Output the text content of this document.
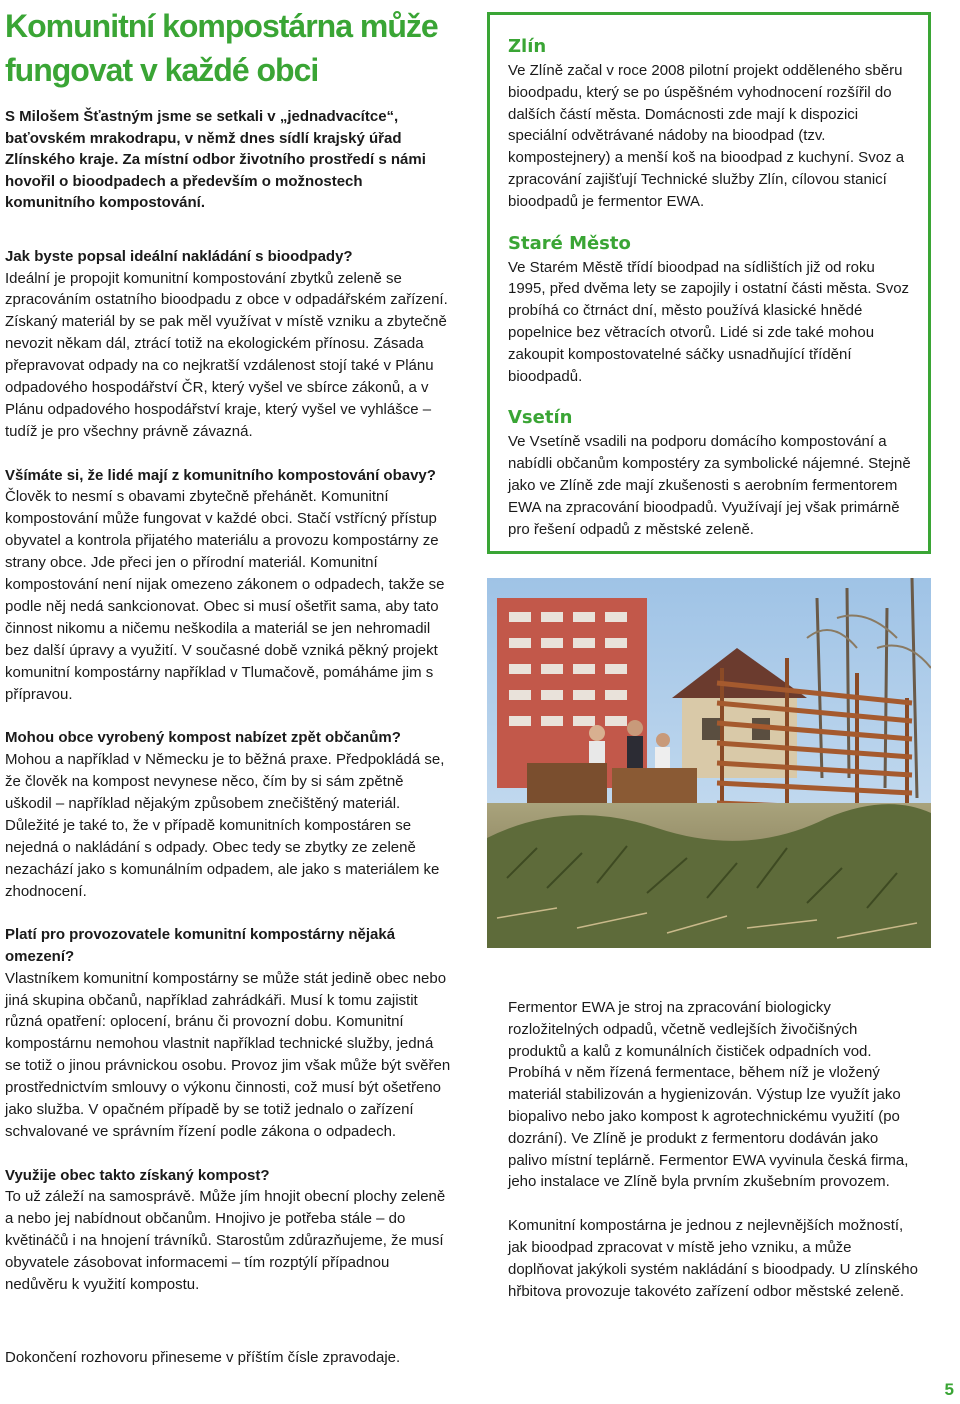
Komunitní kompostárna může fungovat v každé obci

S Milošem Šťastným jsme se setkali v „jednadvacítce“, baťovském mrakodrapu, v němž dnes sídlí krajský úřad Zlínského kraje. Za místní odbor životního prostředí s námi hovořil o bioodpadech a především o možnostech komunitního kompostování.

Jak byste popsal ideální nakládání s bioodpady?

Ideální je propojit komunitní kompostování zbytků zeleně se zpracováním ostatního bioodpadu z obce v odpadářském zařízení. Získaný materiál by se pak měl využívat v místě vzniku a zbytečně nevozit někam dál, ztrácí totiž na ekologickém přínosu. Zásada přepravovat odpady na co nejkratší vzdálenost stojí také v Plánu odpadového hospodářství ČR, který vyšel ve sbírce zákonů, a v Plánu odpadového hospodářství kraje, který vyšel ve vyhlášce – tudíž je pro všechny právně závazná.

Všímáte si, že lidé mají z komunitního kompostování obavy?

Člověk to nesmí s obavami zbytečně přehánět. Komunitní kompostování může fungovat v každé obci. Stačí vstřícný přístup obyvatel a kontrola přijatého materiálu a provozu kompostárny ze strany obce. Jde přeci jen o přírodní materiál. Komunitní kompostování není nijak omezeno zákonem o odpadech, takže se podle něj nedá sankcionovat. Obec si musí ošetřit sama, aby tato činnost nikomu a ničemu neškodila a materiál se jen nehromadil bez další úpravy a využití. V současné době vzniká pěkný projekt komunitní kompostárny například v Tlumačově, pomáháme jim s přípravou.

Mohou obce vyrobený kompost nabízet zpět občanům?

Mohou a například v Německu je to běžná praxe. Předpokládá se, že člověk na kompost nevynese něco, čím by si sám zpětně uškodil – například nějakým způsobem znečištěný materiál. Důležité je také to, že v případě komunitních kompostáren se nejedná o nakládání s odpady. Obec tedy se zbytky ze zeleně nezachází jako s komunálním odpadem, ale jako s materiálem ke zhodnocení.

Platí pro provozovatele komunitní kompostárny nějaká omezení?

Vlastníkem komunitní kompostárny se může stát jedině obec nebo jiná skupina občanů, například zahrádkáři. Musí k tomu zajistit různá opatření: oplocení, bránu či provozní dobu. Komunitní kompostárnu nemohou vlastnit například technické služby, jedná se totiž o jinou právnickou osobu. Provoz jim však může být svěřen prostřednictvím smlouvy o výkonu činnosti, což musí být ošetřeno jako služba. V opačném případě by se totiž jednalo o zařízení schvalované ve správním řízení podle zákona o odpadech.

Využije obec takto získaný kompost?

To už záleží na samosprávě. Může jím hnojit obecní plochy zeleně a nebo jej nabídnout občanům. Hnojivo je potřeba stále – do květináčů i na hnojení trávníků. Starostům zdůrazňujeme, že musí obyvatele zásobovat informacemi – tím rozptýlí případnou nedůvěru k využití kompostu.

Dokončení rozhovoru přineseme v příštím čísle zpravodaje.
Zlín

Ve Zlíně začal v roce 2008 pilotní projekt odděleného sběru bioodpadu, který se po úspěšném vyhodnocení rozšířil do dalších částí města. Domácnosti zde mají k dispozici speciální odvětrávané nádoby na bioodpad (tzv. kompostejnery) a menší koš na bioodpad z kuchyní. Svoz a zpracování zajišťují Technické služby Zlín, cílovou stanicí bioodpadů je fermentor EWA.

Staré Město

Ve Starém Městě třídí bioodpad na sídlištích již od roku 1995, před dvěma lety se zapojily i ostatní části města. Svoz probíhá co čtrnáct dní, město používá klasické hnědé popelnice bez větracích otvorů. Lidé si zde také mohou zakoupit kompostovatelné sáčky usnadňující třídění bioodpadů.

Vsetín

Ve Vsetíně vsadili na podporu domácího kompostování a nabídli občanům kompostéry za symbolické nájemné. Stejně jako ve Zlíně zde mají zkušenosti s aerobním fermentorem EWA na zpracování bioodpadů. Využívají jej však primárně pro řešení odpadů z městské zeleně.

Fermentor EWA je stroj na zpracování biologicky rozložitelných odpadů, včetně vedlejších živočišných produktů a kalů z komunálních čističek odpadních vod. Probíhá v něm řízená fermentace, během níž je vložený materiál stabilizován a hygienizován. Výstup lze využít jako biopalivo nebo jako kompost k agrotechnickému využití (po dozrání). Ve Zlíně je produkt z fermentoru dodáván jako palivo místní teplárně. Fermentor EWA vyvinula česká firma, jeho instalace ve Zlíně byla prvním zkušebním provozem.

Komunitní kompostárna je jednou z nejlevnějších možností, jak bioodpad zpracovat v místě jeho vzniku, a může doplňovat jakýkoli systém nakládání s bioodpady. U zlínského hřbitova provozuje takovéto zařízení odbor městské zeleně.

5
